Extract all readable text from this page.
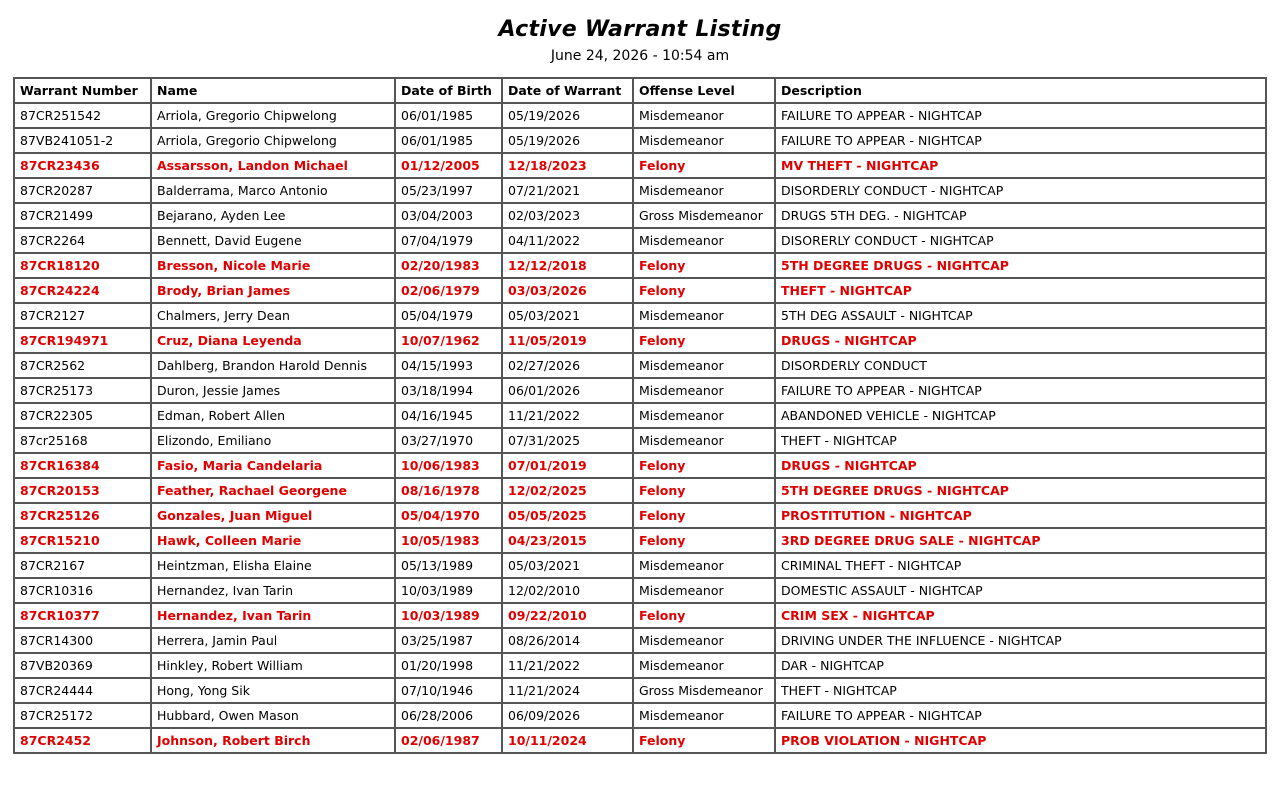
Active Warrant Listing
June 24, 2026 - 10:54 am
Warrant Number	Name	Date of Birth	Date of Warrant	Offense Level	Description
87CR251542	Arriola, Gregorio Chipwelong	06/01/1985	05/19/2026	Misdemeanor	FAILURE TO APPEAR - NIGHTCAP
87VB241051-2	Arriola, Gregorio Chipwelong	06/01/1985	05/19/2026	Misdemeanor	FAILURE TO APPEAR - NIGHTCAP
87CR23436	Assarsson, Landon Michael	01/12/2005	12/18/2023	Felony	MV THEFT - NIGHTCAP
87CR20287	Balderrama, Marco Antonio	05/23/1997	07/21/2021	Misdemeanor	DISORDERLY CONDUCT - NIGHTCAP
87CR21499	Bejarano, Ayden Lee	03/04/2003	02/03/2023	Gross Misdemeanor	DRUGS 5TH DEG. - NIGHTCAP
87CR2264	Bennett, David Eugene	07/04/1979	04/11/2022	Misdemeanor	DISORERLY CONDUCT - NIGHTCAP
87CR18120	Bresson, Nicole Marie	02/20/1983	12/12/2018	Felony	5TH DEGREE DRUGS - NIGHTCAP
87CR24224	Brody, Brian James	02/06/1979	03/03/2026	Felony	THEFT - NIGHTCAP
87CR2127	Chalmers, Jerry Dean	05/04/1979	05/03/2021	Misdemeanor	5TH DEG ASSAULT - NIGHTCAP
87CR194971	Cruz, Diana Leyenda	10/07/1962	11/05/2019	Felony	DRUGS - NIGHTCAP
87CR2562	Dahlberg, Brandon Harold Dennis	04/15/1993	02/27/2026	Misdemeanor	DISORDERLY CONDUCT
87CR25173	Duron, Jessie James	03/18/1994	06/01/2026	Misdemeanor	FAILURE TO APPEAR - NIGHTCAP
87CR22305	Edman, Robert Allen	04/16/1945	11/21/2022	Misdemeanor	ABANDONED VEHICLE - NIGHTCAP
87cr25168	Elizondo, Emiliano	03/27/1970	07/31/2025	Misdemeanor	THEFT - NIGHTCAP
87CR16384	Fasio, Maria Candelaria	10/06/1983	07/01/2019	Felony	DRUGS - NIGHTCAP
87CR20153	Feather, Rachael Georgene	08/16/1978	12/02/2025	Felony	5TH DEGREE DRUGS - NIGHTCAP
87CR25126	Gonzales, Juan Miguel	05/04/1970	05/05/2025	Felony	PROSTITUTION - NIGHTCAP
87CR15210	Hawk, Colleen Marie	10/05/1983	04/23/2015	Felony	3RD DEGREE DRUG SALE - NIGHTCAP
87CR2167	Heintzman, Elisha Elaine	05/13/1989	05/03/2021	Misdemeanor	CRIMINAL THEFT - NIGHTCAP
87CR10316	Hernandez, Ivan Tarin	10/03/1989	12/02/2010	Misdemeanor	DOMESTIC ASSAULT - NIGHTCAP
87CR10377	Hernandez, Ivan Tarin	10/03/1989	09/22/2010	Felony	CRIM SEX - NIGHTCAP
87CR14300	Herrera, Jamin Paul	03/25/1987	08/26/2014	Misdemeanor	DRIVING UNDER THE INFLUENCE - NIGHTCAP
87VB20369	Hinkley, Robert William	01/20/1998	11/21/2022	Misdemeanor	DAR - NIGHTCAP
87CR24444	Hong, Yong Sik	07/10/1946	11/21/2024	Gross Misdemeanor	THEFT - NIGHTCAP
87CR25172	Hubbard, Owen Mason	06/28/2006	06/09/2026	Misdemeanor	FAILURE TO APPEAR - NIGHTCAP
87CR2452	Johnson, Robert Birch	02/06/1987	10/11/2024	Felony	PROB VIOLATION - NIGHTCAP
